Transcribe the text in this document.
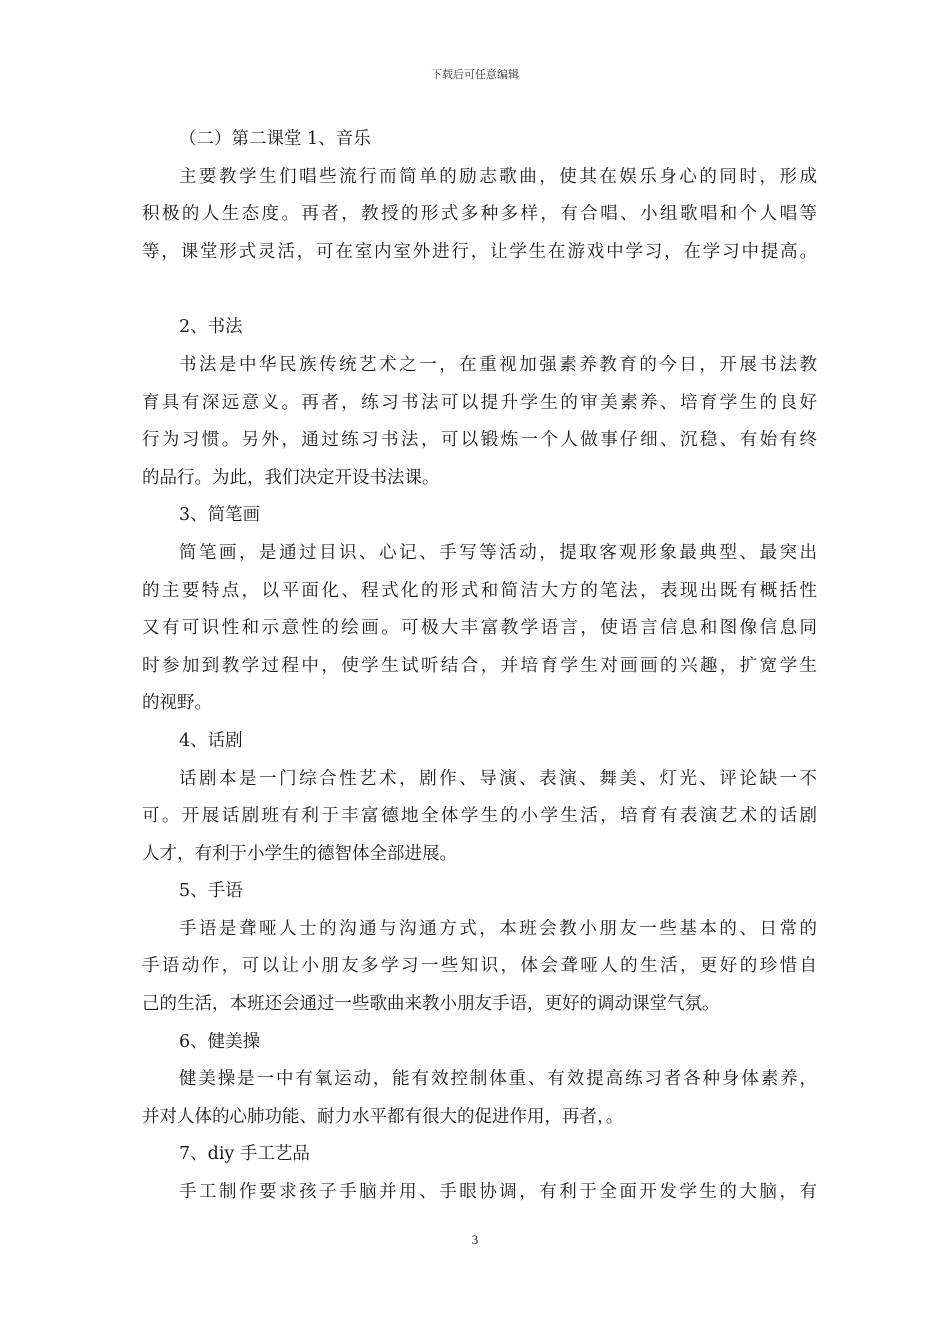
下载后可任意编辑
（二）第二课堂 1、音乐
主要教学生们唱些流行而简单的励志歌曲，使其在娱乐身心的同时，形成
积极的人生态度。再者，教授的形式多种多样，有合唱、小组歌唱和个人唱等
等，课堂形式灵活，可在室内室外进行，让学生在游戏中学习，在学习中提高。
2、书法
书法是中华民族传统艺术之一，在重视加强素养教育的今日，开展书法教
育具有深远意义。再者，练习书法可以提升学生的审美素养、培育学生的良好
行为习惯。另外，通过练习书法，可以锻炼一个人做事仔细、沉稳、有始有终
的品行。为此，我们决定开设书法课。
3、简笔画
简笔画，是通过目识、心记、手写等活动，提取客观形象最典型、最突出
的主要特点，以平面化、程式化的形式和简洁大方的笔法，表现出既有概括性
又有可识性和示意性的绘画。可极大丰富教学语言，使语言信息和图像信息同
时参加到教学过程中，使学生试听结合，并培育学生对画画的兴趣，扩宽学生
的视野。
4、话剧
话剧本是一门综合性艺术，剧作、导演、表演、舞美、灯光、评论缺一不
可。开展话剧班有利于丰富德地全体学生的小学生活，培育有表演艺术的话剧
人才，有利于小学生的德智体全部进展。
5、手语
手语是聋哑人士的沟通与沟通方式，本班会教小朋友一些基本的、日常的
手语动作，可以让小朋友多学习一些知识，体会聋哑人的生活，更好的珍惜自
己的生活，本班还会通过一些歌曲来教小朋友手语，更好的调动课堂气氛。
6、健美操
健美操是一中有氧运动，能有效控制体重、有效提高练习者各种身体素养，
并对人体的心肺功能、耐力水平都有很大的促进作用，再者，。
7、diy 手工艺品
手工制作要求孩子手脑并用、手眼协调，有利于全面开发学生的大脑，有
3
